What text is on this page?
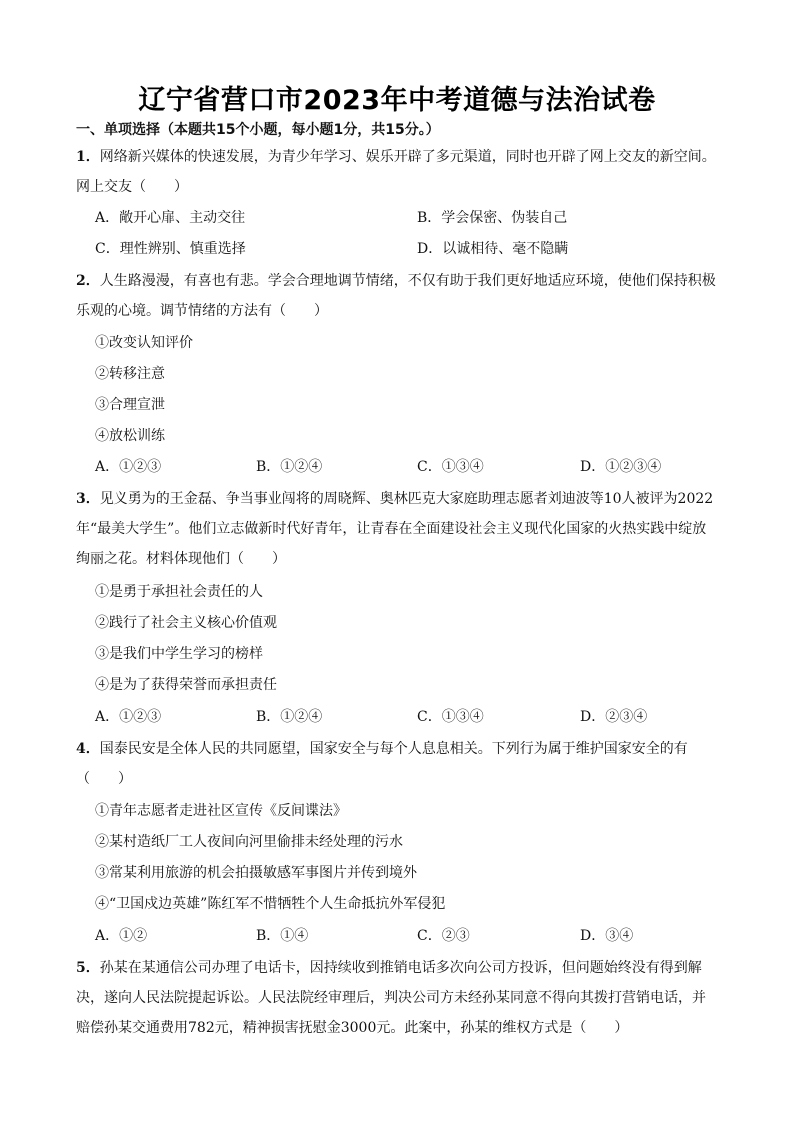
辽宁省营口市2023年中考道德与法治试卷
一、单项选择（本题共15个小题，每小题1分，共15分。）
1．网络新兴媒体的快速发展，为青少年学习、娱乐开辟了多元渠道，同时也开辟了网上交友的新空间。
网上交友（　　）
A．敞开心扉、主动交往	B．学会保密、伪装自己
C．理性辨别、慎重选择	D．以诚相待、毫不隐瞒
2．人生路漫漫，有喜也有悲。学会合理地调节情绪，不仅有助于我们更好地适应环境，使他们保持积极
乐观的心境。调节情绪的方法有（　　）
①改变认知评价
②转移注意
③合理宣泄
④放松训练
A．①②③	B．①②④	C．①③④	D．①②③④
3．见义勇为的王金磊、争当事业闯将的周晓辉、奥林匹克大家庭助理志愿者刘迪波等10人被评为2022
年“最美大学生”。他们立志做新时代好青年，让青春在全面建设社会主义现代化国家的火热实践中绽放
绚丽之花。材料体现他们（　　）
①是勇于承担社会责任的人
②践行了社会主义核心价值观
③是我们中学生学习的榜样
④是为了获得荣誉而承担责任
A．①②③	B．①②④	C．①③④	D．②③④
4．国泰民安是全体人民的共同愿望，国家安全与每个人息息相关。下列行为属于维护国家安全的有
（　　）
①青年志愿者走进社区宣传《反间谍法》
②某村造纸厂工人夜间向河里偷排未经处理的污水
③常某利用旅游的机会拍摄敏感军事图片并传到境外
④“卫国戍边英雄”陈红军不惜牺牲个人生命抵抗外军侵犯
A．①②	B．①④	C．②③	D．③④
5．孙某在某通信公司办理了电话卡，因持续收到推销电话多次向公司方投诉，但问题始终没有得到解
决，遂向人民法院提起诉讼。人民法院经审理后，判决公司方未经孙某同意不得向其拨打营销电话，并
赔偿孙某交通费用782元，精神损害抚慰金3000元。此案中，孙某的维权方式是（　　）
